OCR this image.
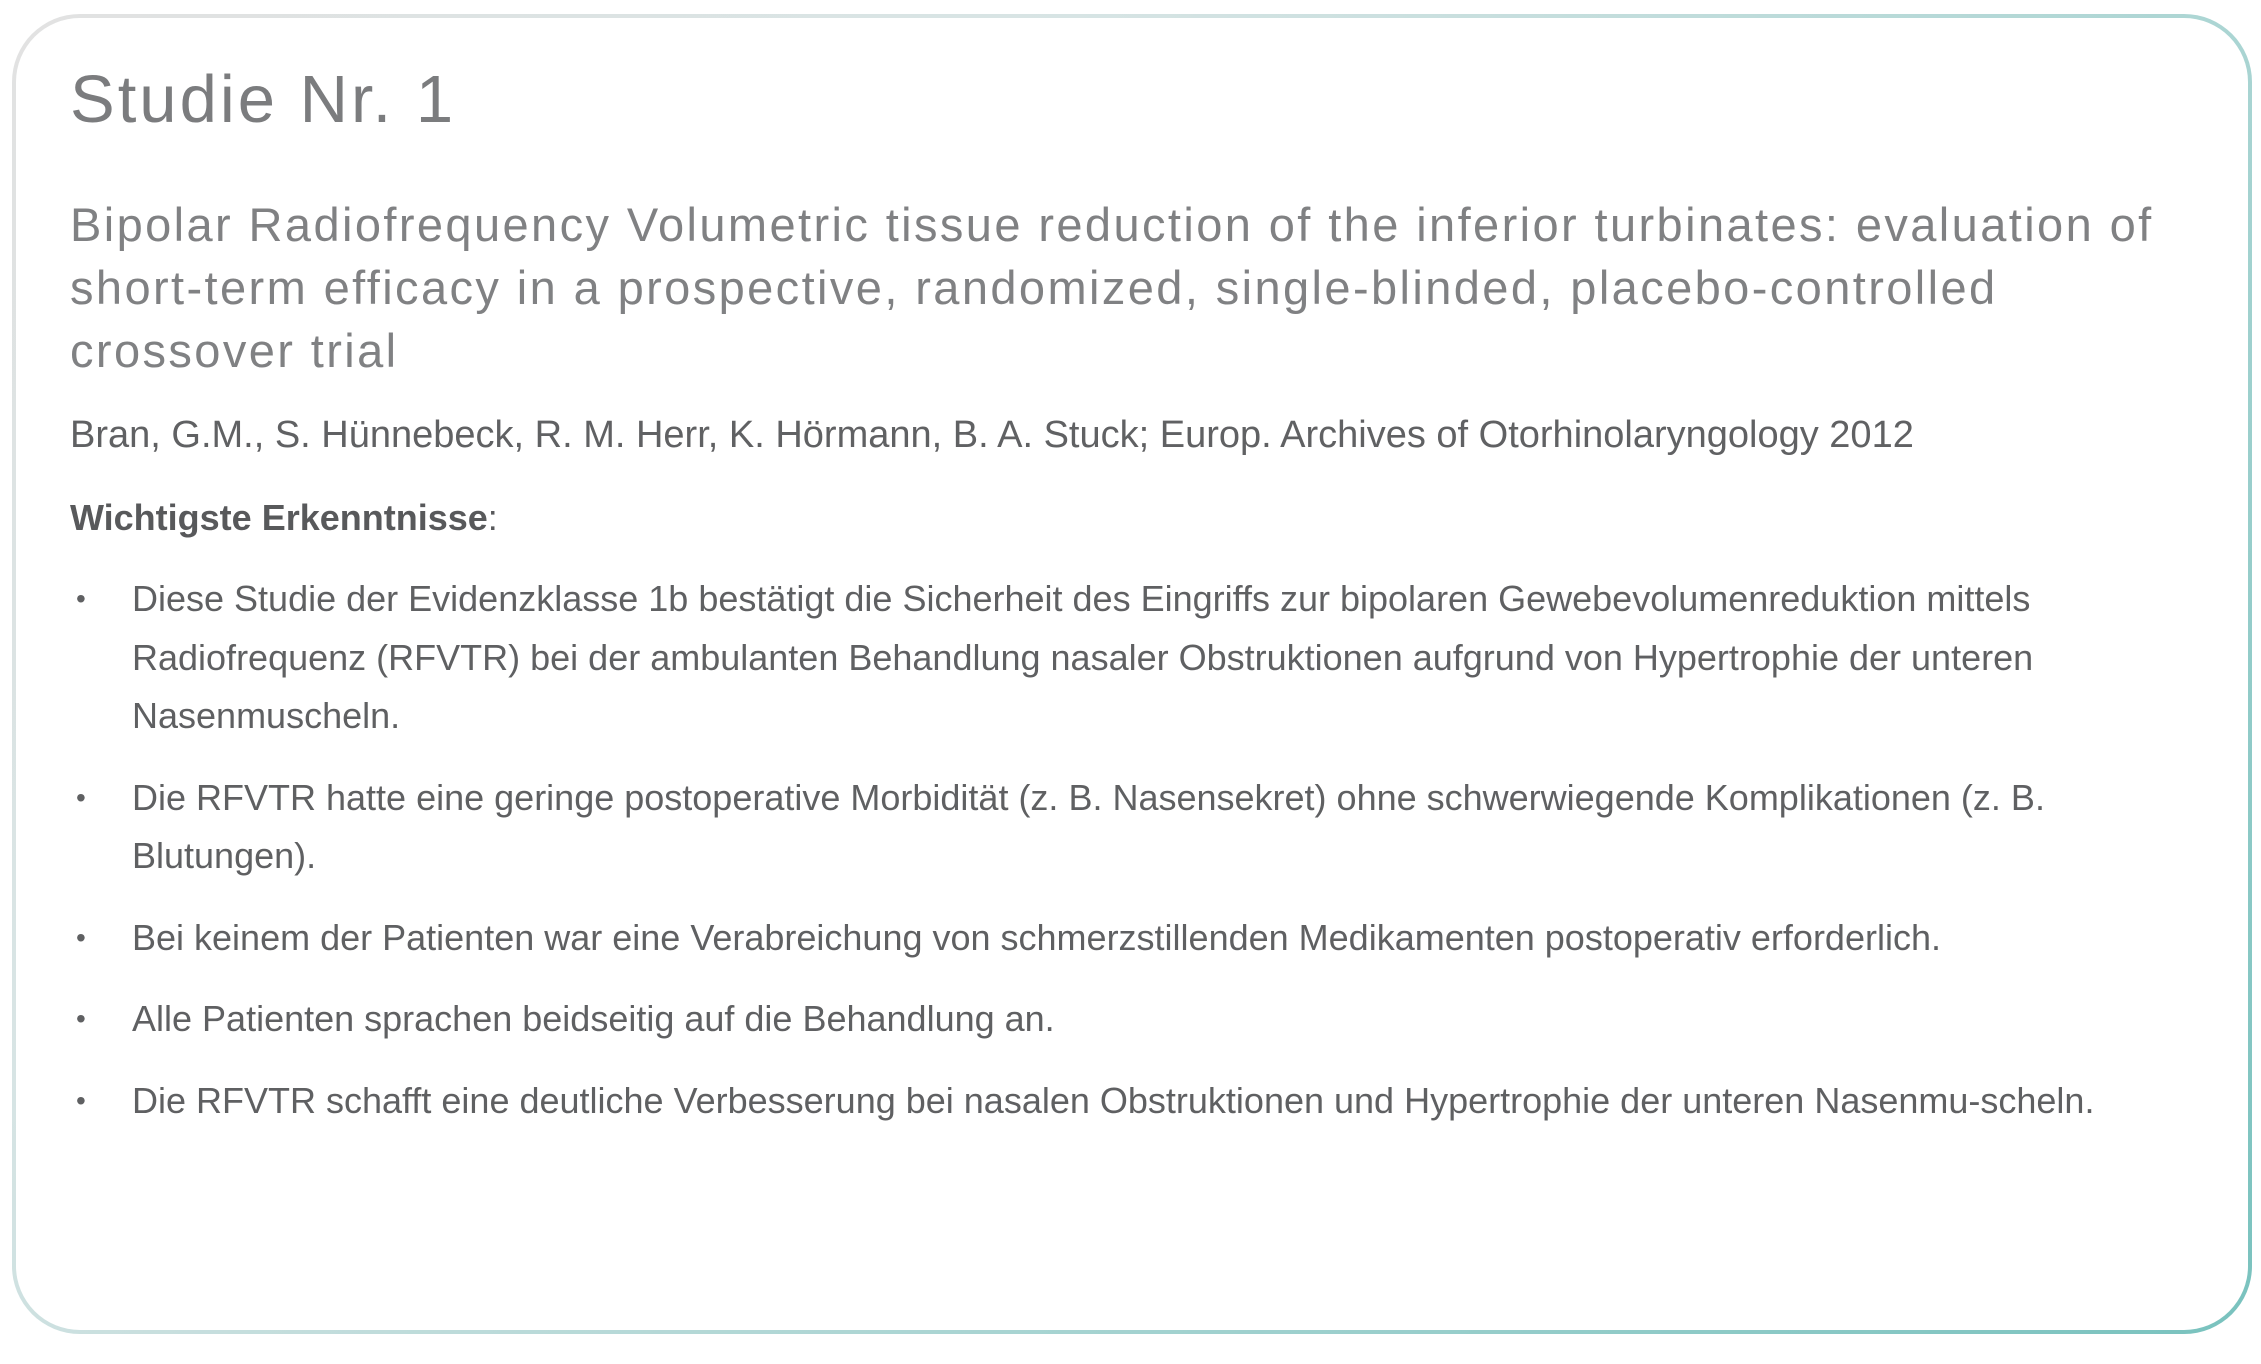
Studie Nr. 1
Bipolar Radiofrequency Volumetric tissue reduction of the inferior turbinates: evaluation of short-term efficacy in a prospective, randomized, single-blinded, placebo-controlled crossover trial

Bran, G.M., S. Hünnebeck, R. M. Herr, K. Hörmann, B. A. Stuck; Europ. Archives of Otorhinolaryngology 2012

Wichtigste Erkenntnisse:

• Diese Studie der Evidenzklasse 1b bestätigt die Sicherheit des Eingriffs zur bipolaren Gewebevolumenreduktion mittels Radiofrequenz (RFVTR) bei der ambulanten Behandlung nasaler Obstruktionen aufgrund von Hypertrophie der unteren Nasenmuscheln.
• Die RFVTR hatte eine geringe postoperative Morbidität (z. B. Nasensekret) ohne schwerwiegende Komplikationen (z. B. Blutungen).
• Bei keinem der Patienten war eine Verabreichung von schmerzstillenden Medikamenten postoperativ erforderlich.
• Alle Patienten sprachen beidseitig auf die Behandlung an.
• Die RFVTR schafft eine deutliche Verbesserung bei nasalen Obstruktionen und Hypertrophie der unteren Nasenmu-scheln.
